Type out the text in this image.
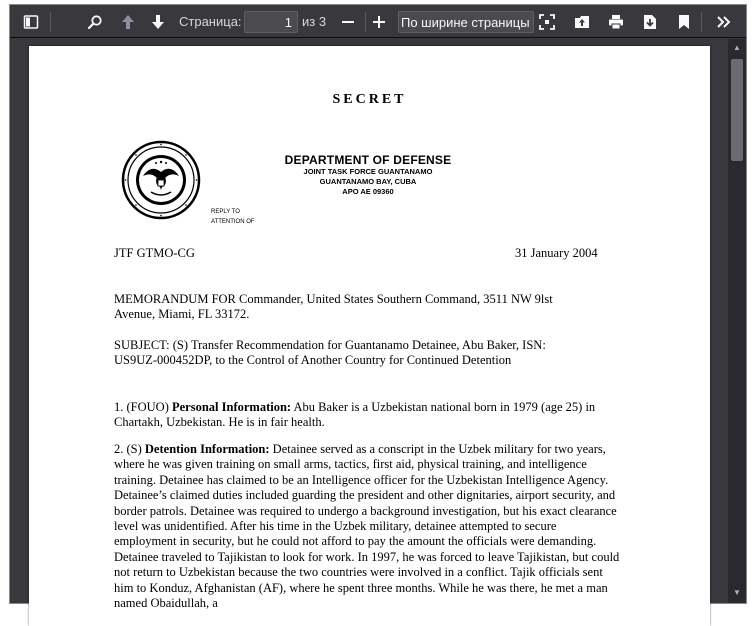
Страница:
1	из 3	По ширине страницы
SECRET
REPLY TO
ATTENTION OF
DEPARTMENT OF DEFENSE
JOINT TASK FORCE GUANTANAMO
GUANTANAMO BAY, CUBA
APO AE 09360
JTF GTMO-CG	31 January 2004
MEMORANDUM FOR Commander, United States Southern Command, 3511 NW 9lst
Avenue, Miami, FL 33172.
SUBJECT: (S) Transfer Recommendation for Guantanamo Detainee, Abu Baker, ISN:
US9UZ-000452DP, to the Control of Another Country for Continued Detention
1. (FOUO) Personal Information: Abu Baker is a Uzbekistan national born in 1979 (age 25) in Chartakh, Uzbekistan. He is in fair health.
2. (S) Detention Information: Detainee served as a conscript in the Uzbek military for two years, where he was given training on small arms, tactics, first aid, physical training, and intelligence training. Detainee has claimed to be an Intelligence officer for the Uzbekistan Intelligence Agency. Detainee’s claimed duties included guarding the president and other dignitaries, airport security, and border patrols. Detainee was required to undergo a background investigation, but his exact clearance level was unidentified. After his time in the Uzbek military, detainee attempted to secure employment in security, but he could not afford to pay the amount the officials were demanding. Detainee traveled to Tajikistan to look for work. In 1997, he was forced to leave Tajikistan, but could not return to Uzbekistan because the two countries were involved in a conflict. Tajik officials sent him to Konduz, Afghanistan (AF), where he spent three months. While he was there, he met a man named Obaidullah, a
▲
▼
